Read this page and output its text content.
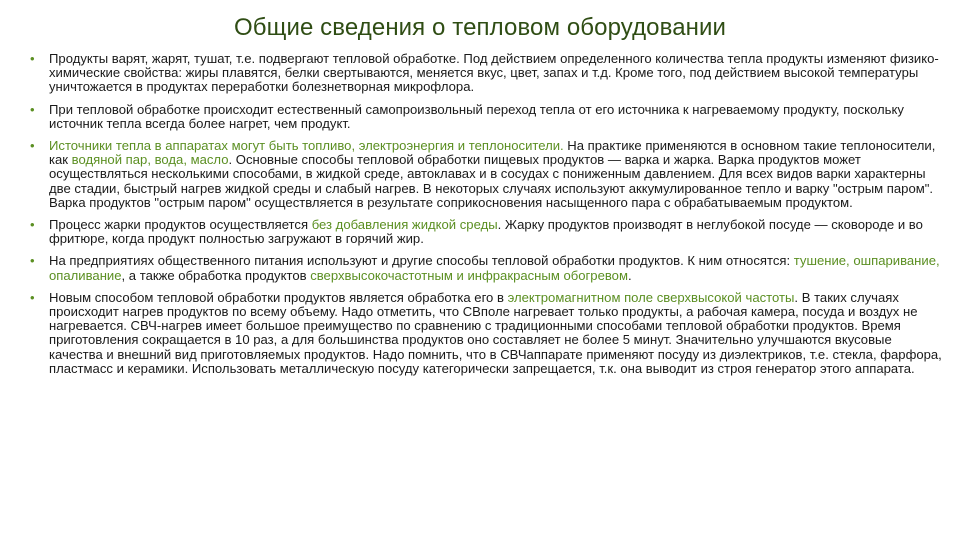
Общие сведения о тепловом оборудовании
• Продукты варят, жарят, тушат, т.е. подвергают тепловой обработке. Под действием определенного количества тепла продукты изменяют физико-химические свойства: жиры плавятся, белки свертываются, меняется вкус, цвет, запах и т.д. Кроме того, под действием высокой температуры уничтожается в продуктах переработки болезнетворная микрофлора.
• При тепловой обработке происходит естественный самопроизвольный переход тепла от его источника к нагреваемому продукту, поскольку источник тепла всегда более нагрет, чем продукт.
• Источники тепла в аппаратах могут быть топливо, электроэнергия и теплоносители. На практике применяются в основном такие теплоносители, как водяной пар, вода, масло. Основные способы тепловой обработки пищевых продуктов — варка и жарка. Варка продуктов может осуществляться несколькими способами, в жидкой среде, автоклавах и в сосудах с пониженным давлением. Для всех видов варки характерны две стадии, быстрый нагрев жидкой среды и слабый нагрев. В некоторых случаях используют аккумулированное тепло и варку "острым паром". Варка продуктов "острым паром" осуществляется в результате соприкосновения насыщенного пара с обрабатываемым продуктом.
• Процесс жарки продуктов осуществляется без добавления жидкой среды. Жарку продуктов производят в неглубокой посуде — сковороде и во фритюре, когда продукт полностью загружают в горячий жир.
• На предприятиях общественного питания используют и другие способы тепловой обработки продуктов. К ним относятся: тушение, ошпаривание, опаливание, а также обработка продуктов сверхвысокочастотным и инфракрасным обогревом.
• Новым способом тепловой обработки продуктов является обработка его в электромагнитном поле сверхвысокой частоты. В таких случаях происходит нагрев продуктов по всему объему. Надо отметить, что СВполе нагревает только продукты, а рабочая камера, посуда и воздух не нагревается. СВЧ-нагрев имеет большое преимущество по сравнению с традиционными способами тепловой обработки продуктов. Время приготовления сокращается в 10 раз, а для большинства продуктов оно составляет не более 5 минут. Значительно улучшаются вкусовые качества и внешний вид приготовляемых продуктов. Надо помнить, что в СВЧаппарате применяют посуду из диэлектриков, т.е. стекла, фарфора, пластмасс и керамики. Использовать металлическую посуду категорически запрещается, т.к. она выводит из строя генератор этого аппарата.
